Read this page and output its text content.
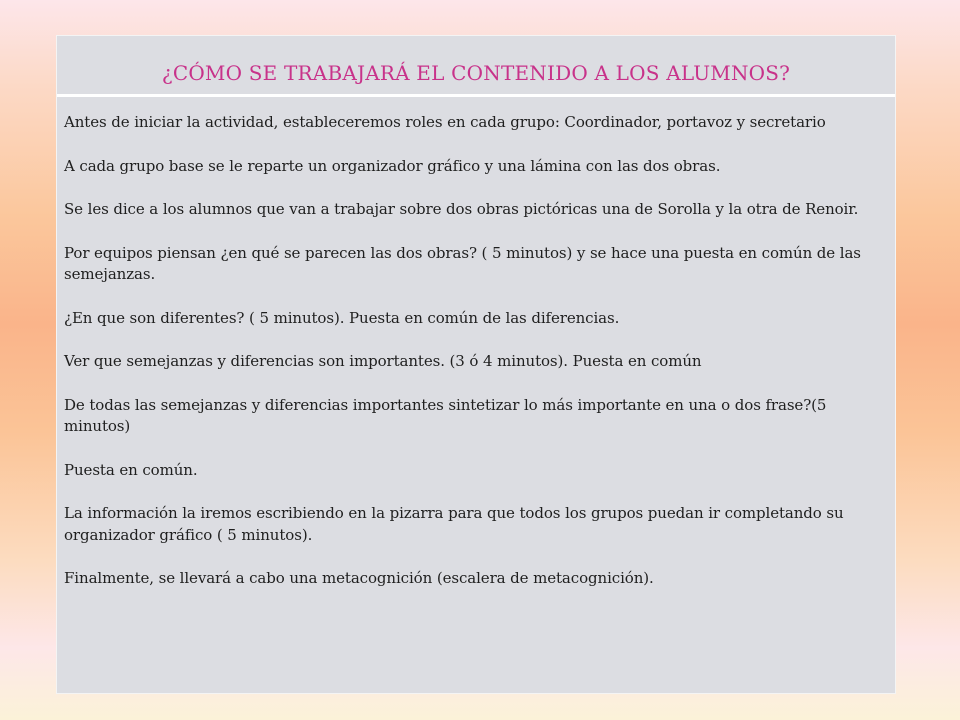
¿CÓMO SE TRABAJARÁ EL CONTENIDO A LOS ALUMNOS?

Antes de iniciar la actividad, estableceremos roles en cada grupo: Coordinador, portavoz y secretario

A cada grupo base se le reparte un organizador gráfico y una lámina con las dos obras.

Se les dice a los alumnos que van a trabajar sobre dos obras pictóricas una de Sorolla y la otra de Renoir.

Por equipos piensan ¿en qué se parecen las dos obras? ( 5 minutos) y se hace una puesta en común de las semejanzas.

¿En que son diferentes? ( 5 minutos). Puesta en común de las diferencias.

Ver que semejanzas y diferencias son importantes. (3 ó 4 minutos). Puesta en común

De todas las semejanzas y diferencias importantes sintetizar lo más importante en una o dos frase?(5 minutos)

Puesta en común.

La información la iremos escribiendo en la pizarra para que todos los grupos puedan ir completando su organizador gráfico ( 5 minutos).

Finalmente, se llevará a cabo una metacognición (escalera de metacognición).
